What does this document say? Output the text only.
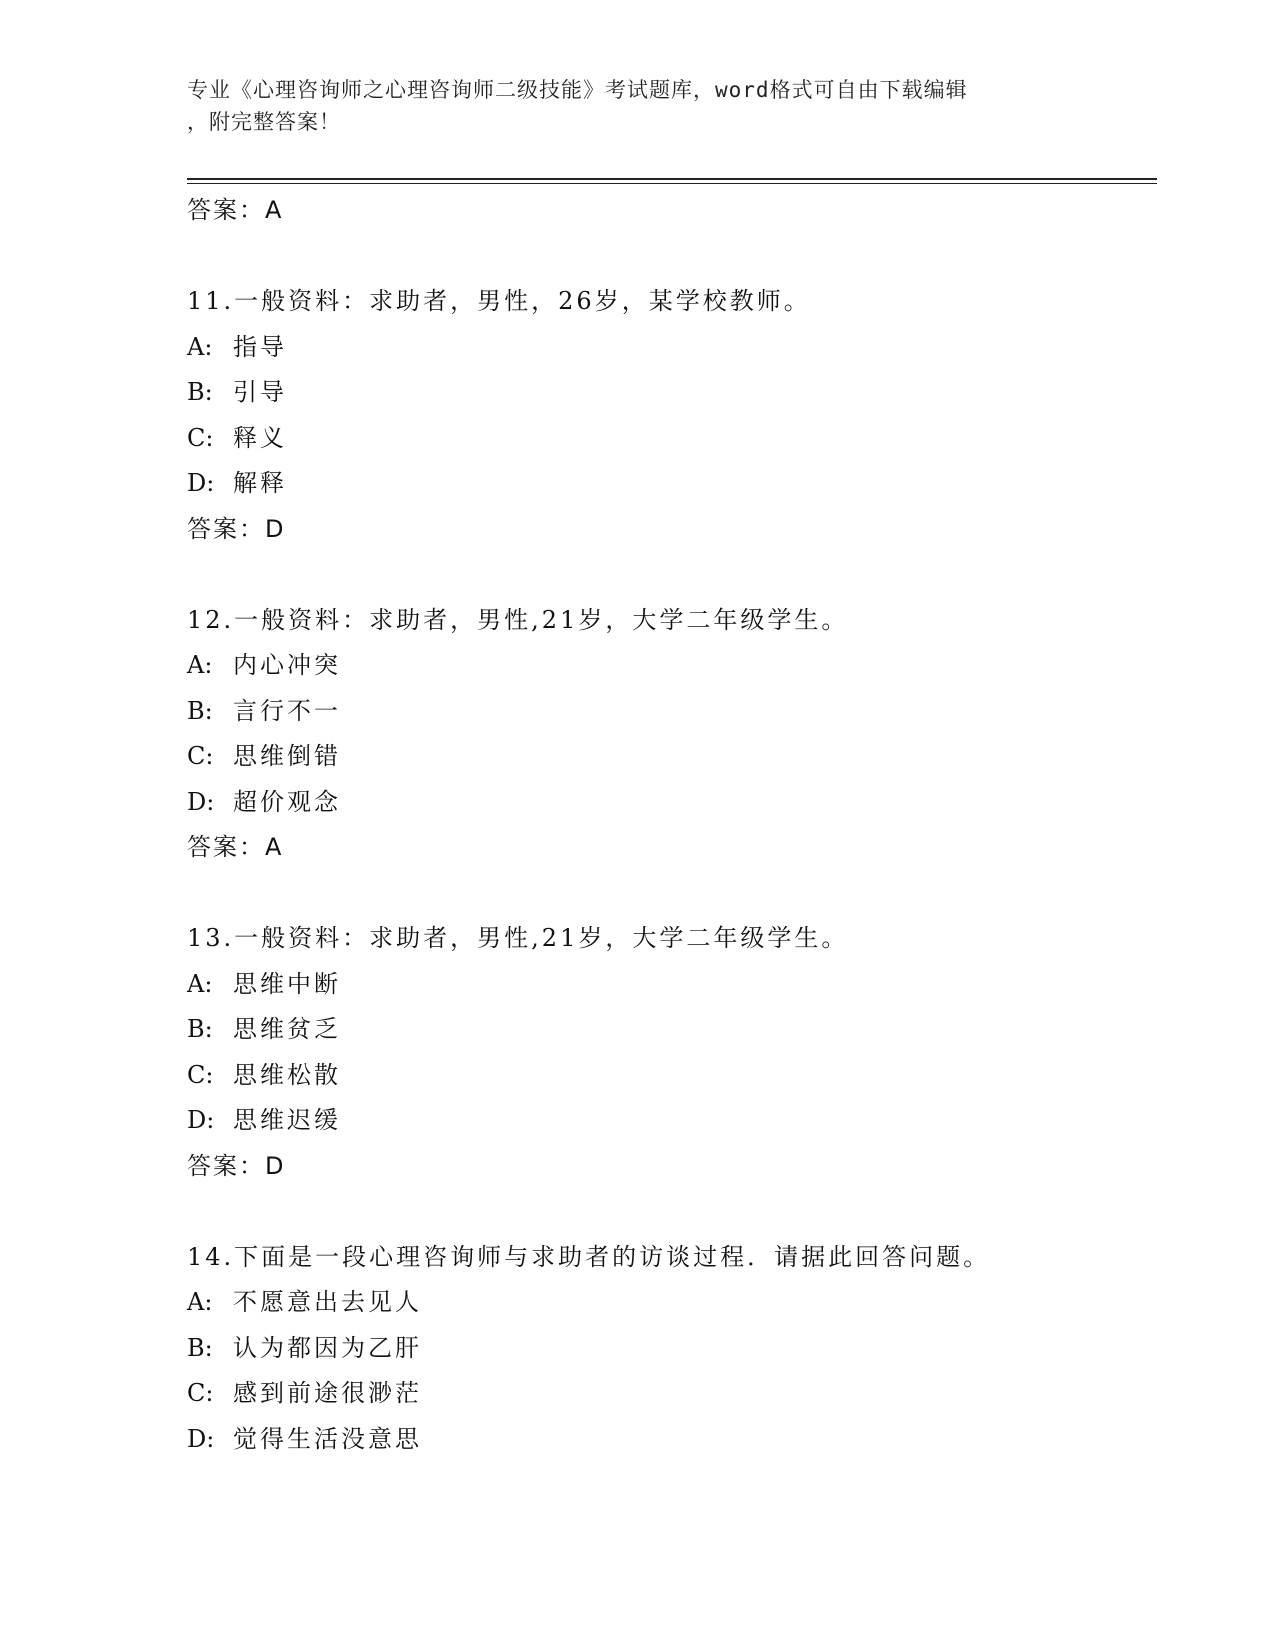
专业《心理咨询师之心理咨询师二级技能》考试题库，word格式可自由下载编辑
，附完整答案！
答案：A
11.一般资料：求助者，男性，26岁，某学校教师。
A: 指导
B: 引导
C: 释义
D: 解释
答案：D
12.一般资料：求助者，男性,21岁，大学二年级学生。
A: 内心冲突
B: 言行不一
C: 思维倒错
D: 超价观念
答案：A
13.一般资料：求助者，男性,21岁，大学二年级学生。
A: 思维中断
B: 思维贫乏
C: 思维松散
D: 思维迟缓
答案：D
14.下面是一段心理咨询师与求助者的访谈过程．请据此回答问题。
A: 不愿意出去见人
B: 认为都因为乙肝
C: 感到前途很渺茫
D: 觉得生活没意思
